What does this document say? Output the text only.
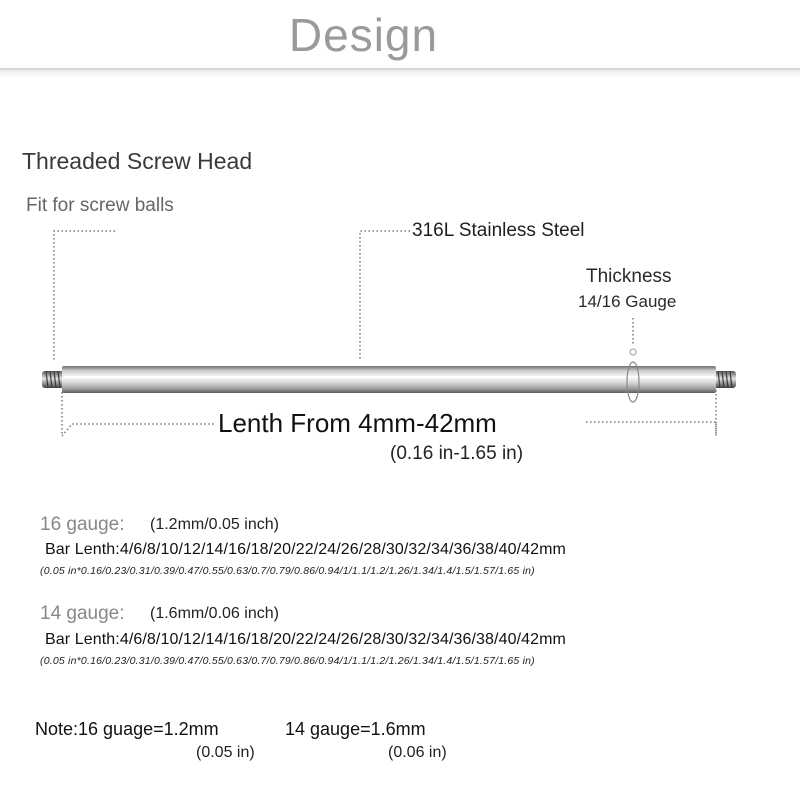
Design
Threaded Screw Head
Fit for screw balls
316L Stainless Steel
Thickness
14/16 Gauge
Lenth From 4mm-42mm
(0.16 in-1.65 in)
16 gauge: (1.2mm/0.05 inch)
Bar Lenth:4/6/8/10/12/14/16/18/20/22/24/26/28/30/32/34/36/38/40/42mm
(0.05 in*0.16/0.23/0.31/0.39/0.47/0.55/0.63/0.7/0.79/0.86/0.94/1/1.1/1.2/1.26/1.34/1.4/1.5/1.57/1.65 in)
14 gauge: (1.6mm/0.06 inch)
Bar Lenth:4/6/8/10/12/14/16/18/20/22/24/26/28/30/32/34/36/38/40/42mm
(0.05 in*0.16/0.23/0.31/0.39/0.47/0.55/0.63/0.7/0.79/0.86/0.94/1/1.1/1.2/1.26/1.34/1.4/1.5/1.57/1.65 in)
Note:16 guage=1.2mm	14 gauge=1.6mm
(0.05 in)	(0.06 in)
